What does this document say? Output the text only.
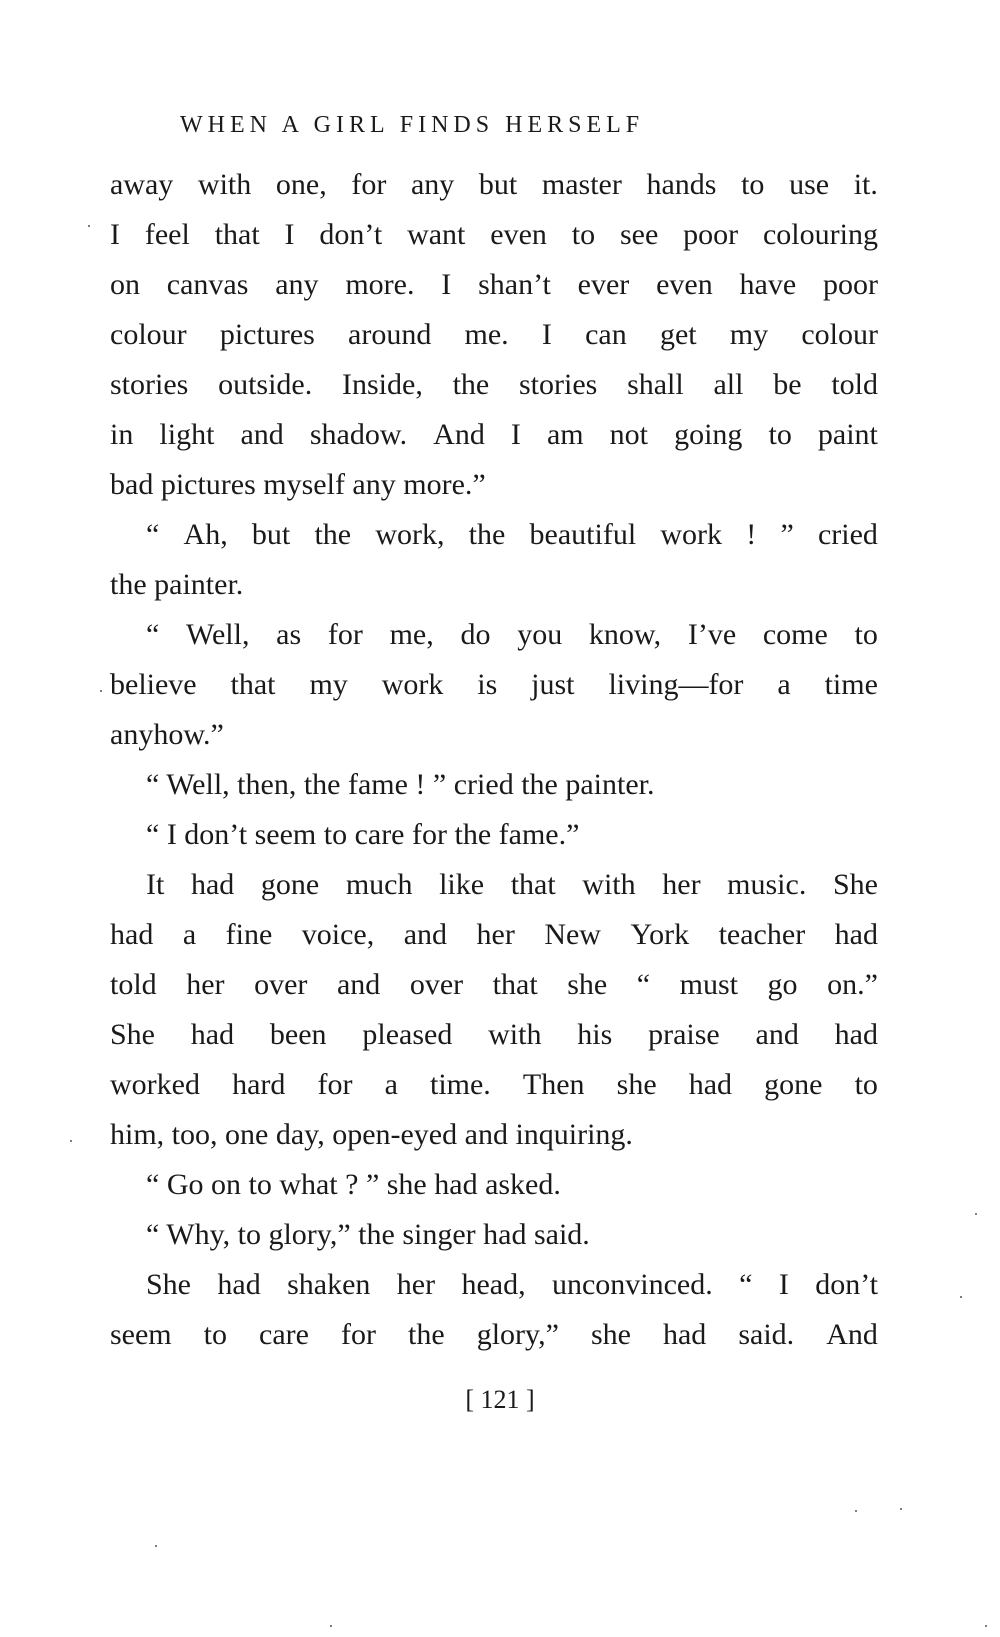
WHEN A GIRL FINDS HERSELF
away with one, for any but master hands to use it.
I feel that I don’t want even to see poor colouring
on canvas any more. I shan’t ever even have poor
colour pictures around me. I can get my colour
stories outside. Inside, the stories shall all be told
in light and shadow. And I am not going to paint
bad pictures myself any more.”
“ Ah, but the work, the beautiful work ! ” cried
the painter.
“ Well, as for me, do you know, I’ve come to
believe that my work is just living—for a time
anyhow.”
“ Well, then, the fame ! ” cried the painter.
“ I don’t seem to care for the fame.”
It had gone much like that with her music. She
had a fine voice, and her New York teacher had
told her over and over that she “ must go on.”
She had been pleased with his praise and had
worked hard for a time. Then she had gone to
him, too, one day, open-eyed and inquiring.
“ Go on to what ? ” she had asked.
“ Why, to glory,” the singer had said.
She had shaken her head, unconvinced. “ I don’t
seem to care for the glory,” she had said. And
[ 121 ]
